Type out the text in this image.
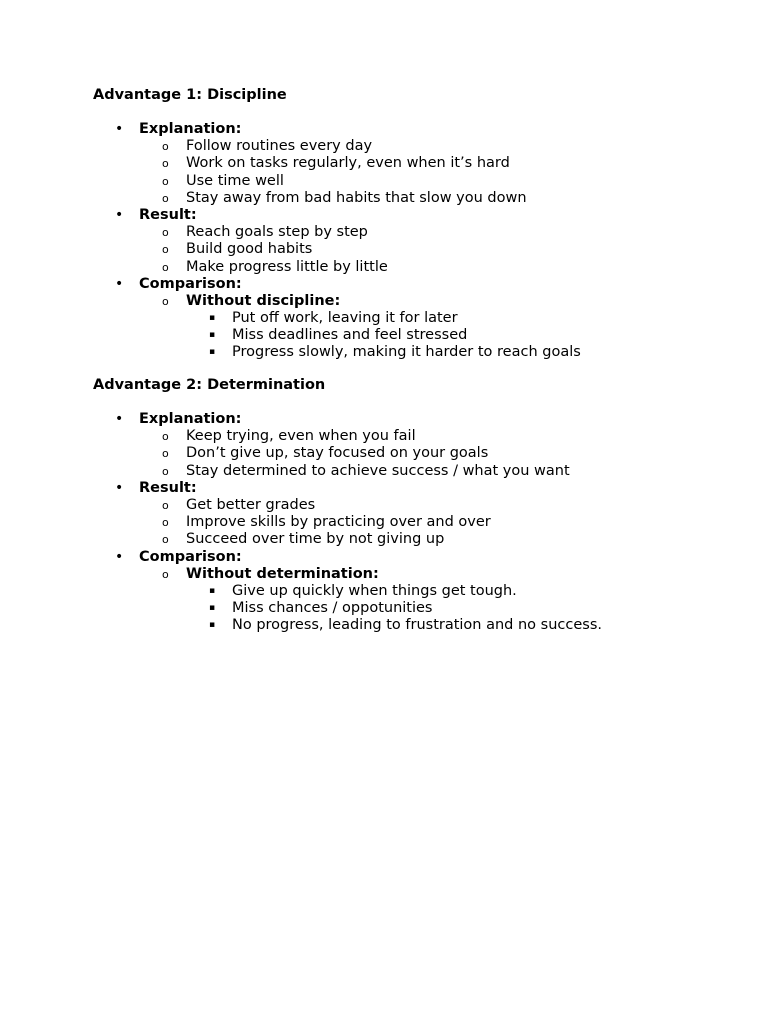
Advantage 1: Discipline
• Explanation:
o Follow routines every day
o Work on tasks regularly, even when it’s hard
o Use time well
o Stay away from bad habits that slow you down
• Result:
o Reach goals step by step
o Build good habits
o Make progress little by little
• Comparison:
o Without discipline:
▪ Put off work, leaving it for later
▪ Miss deadlines and feel stressed
▪ Progress slowly, making it harder to reach goals
Advantage 2: Determination
• Explanation:
o Keep trying, even when you fail
o Don’t give up, stay focused on your goals
o Stay determined to achieve success / what you want
• Result:
o Get better grades
o Improve skills by practicing over and over
o Succeed over time by not giving up
• Comparison:
o Without determination:
▪ Give up quickly when things get tough.
▪ Miss chances / oppotunities
▪ No progress, leading to frustration and no success.
